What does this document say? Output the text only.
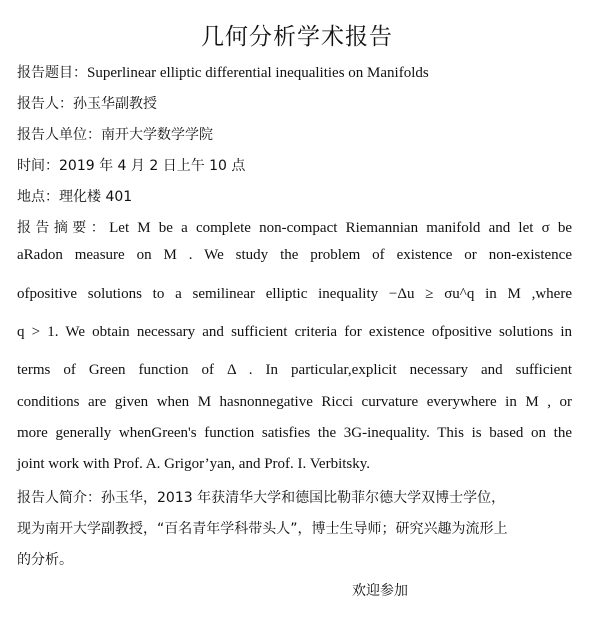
几何分析学术报告
报告题目：Superlinear elliptic differential inequalities on Manifolds
报告人：孙玉华副教授
报告人单位：南开大学数学学院
时间：2019 年 4 月 2 日上午 10 点
地点：理化楼 401
报告摘要：Let M be a complete non-compact Riemannian manifold and let σ be
aRadon measure on M . We study the problem of existence or non-existence
ofpositive solutions to a semilinear elliptic inequality −Δu ≥ σu^q in M ,where
q > 1. We obtain necessary and sufficient criteria for existence ofpositive solutions in
terms of Green function of Δ . In particular,explicit necessary and sufficient
conditions are given when M hasnonnegative Ricci curvature everywhere in M , or
more generally whenGreen's function satisfies the 3G-inequality. This is based on the
joint work with Prof. A. Grigor’yan, and Prof. I. Verbitsky.
报告人简介：孙玉华，2013 年获清华大学和德国比勒菲尔德大学双博士学位，
现为南开大学副教授，“百名青年学科带头人”，博士生导师；研究兴趣为流形上
的分析。
欢迎参加
